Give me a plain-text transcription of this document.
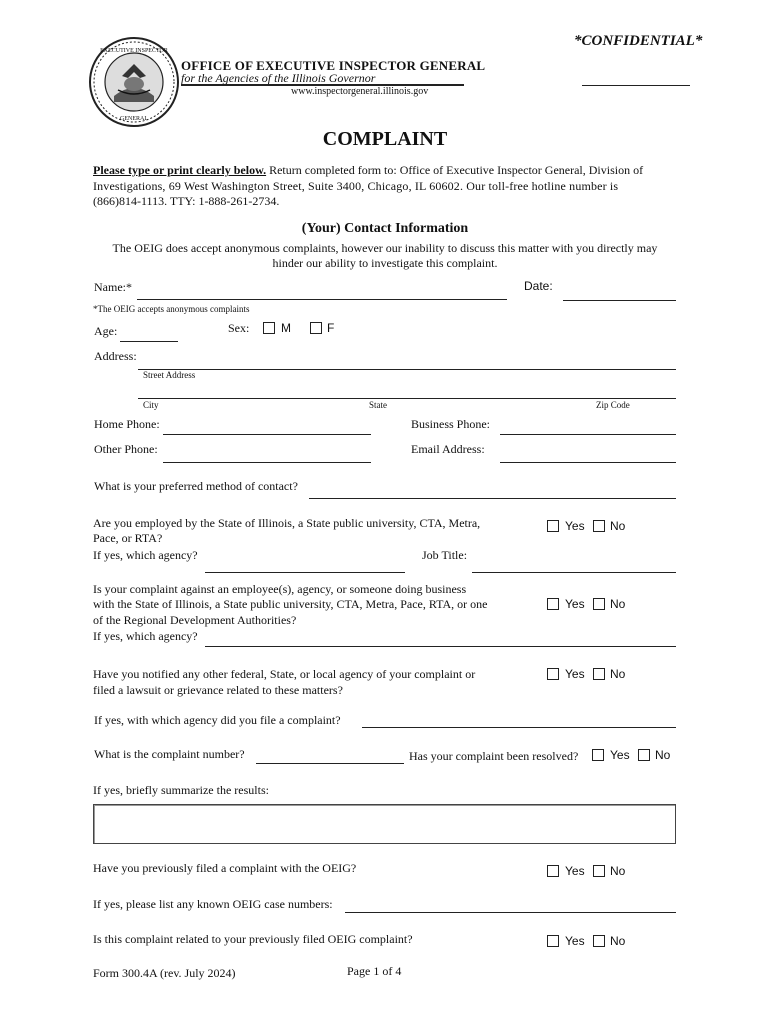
EXECUTIVE INSPECTOR
GENERAL
OFFICE OF EXECUTIVE INSPECTOR GENERAL
for the Agencies of the Illinois Governor
www.inspectorgeneral.illinois.gov
*CONFIDENTIAL*
COMPLAINT
Please type or print clearly below. Return completed form to: Office of Executive Inspector General, Division of
Investigations, 69 West Washington Street, Suite 3400, Chicago, IL 60602. Our toll-free hotline number is
(866)814-1113. TTY: 1-888-261-2734.
(Your) Contact Information
The OEIG does accept anonymous complaints, however our inability to discuss this matter with you directly may
hinder our ability to investigate this complaint.
Name:*	Date:
*The OEIG accepts anonymous complaints
Age:	Sex:	M	F
Address:
Street Address
City	State	Zip Code
Home Phone:	Business Phone:
Other Phone:	Email Address:
What is your preferred method of contact?
Are you employed by the State of Illinois, a State public university, CTA, Metra,
Pace, or RTA?
Yes No
If yes, which agency?	Job Title:
Is your complaint against an employee(s), agency, or someone doing business
with the State of Illinois, a State public university, CTA, Metra, Pace, RTA, or one
of the Regional Development Authorities?
Yes No
If yes, which agency?
Have you notified any other federal, State, or local agency of your complaint or
filed a lawsuit or grievance related to these matters?
Yes No
If yes, with which agency did you file a complaint?
What is the complaint number?	Has your complaint been resolved?	Yes No
If yes, briefly summarize the results:
Have you previously filed a complaint with the OEIG?	Yes No
If yes, please list any known OEIG case numbers:
Is this complaint related to your previously filed OEIG complaint?	Yes No
Form 300.4A (rev. July 2024)	Page 1 of 4
